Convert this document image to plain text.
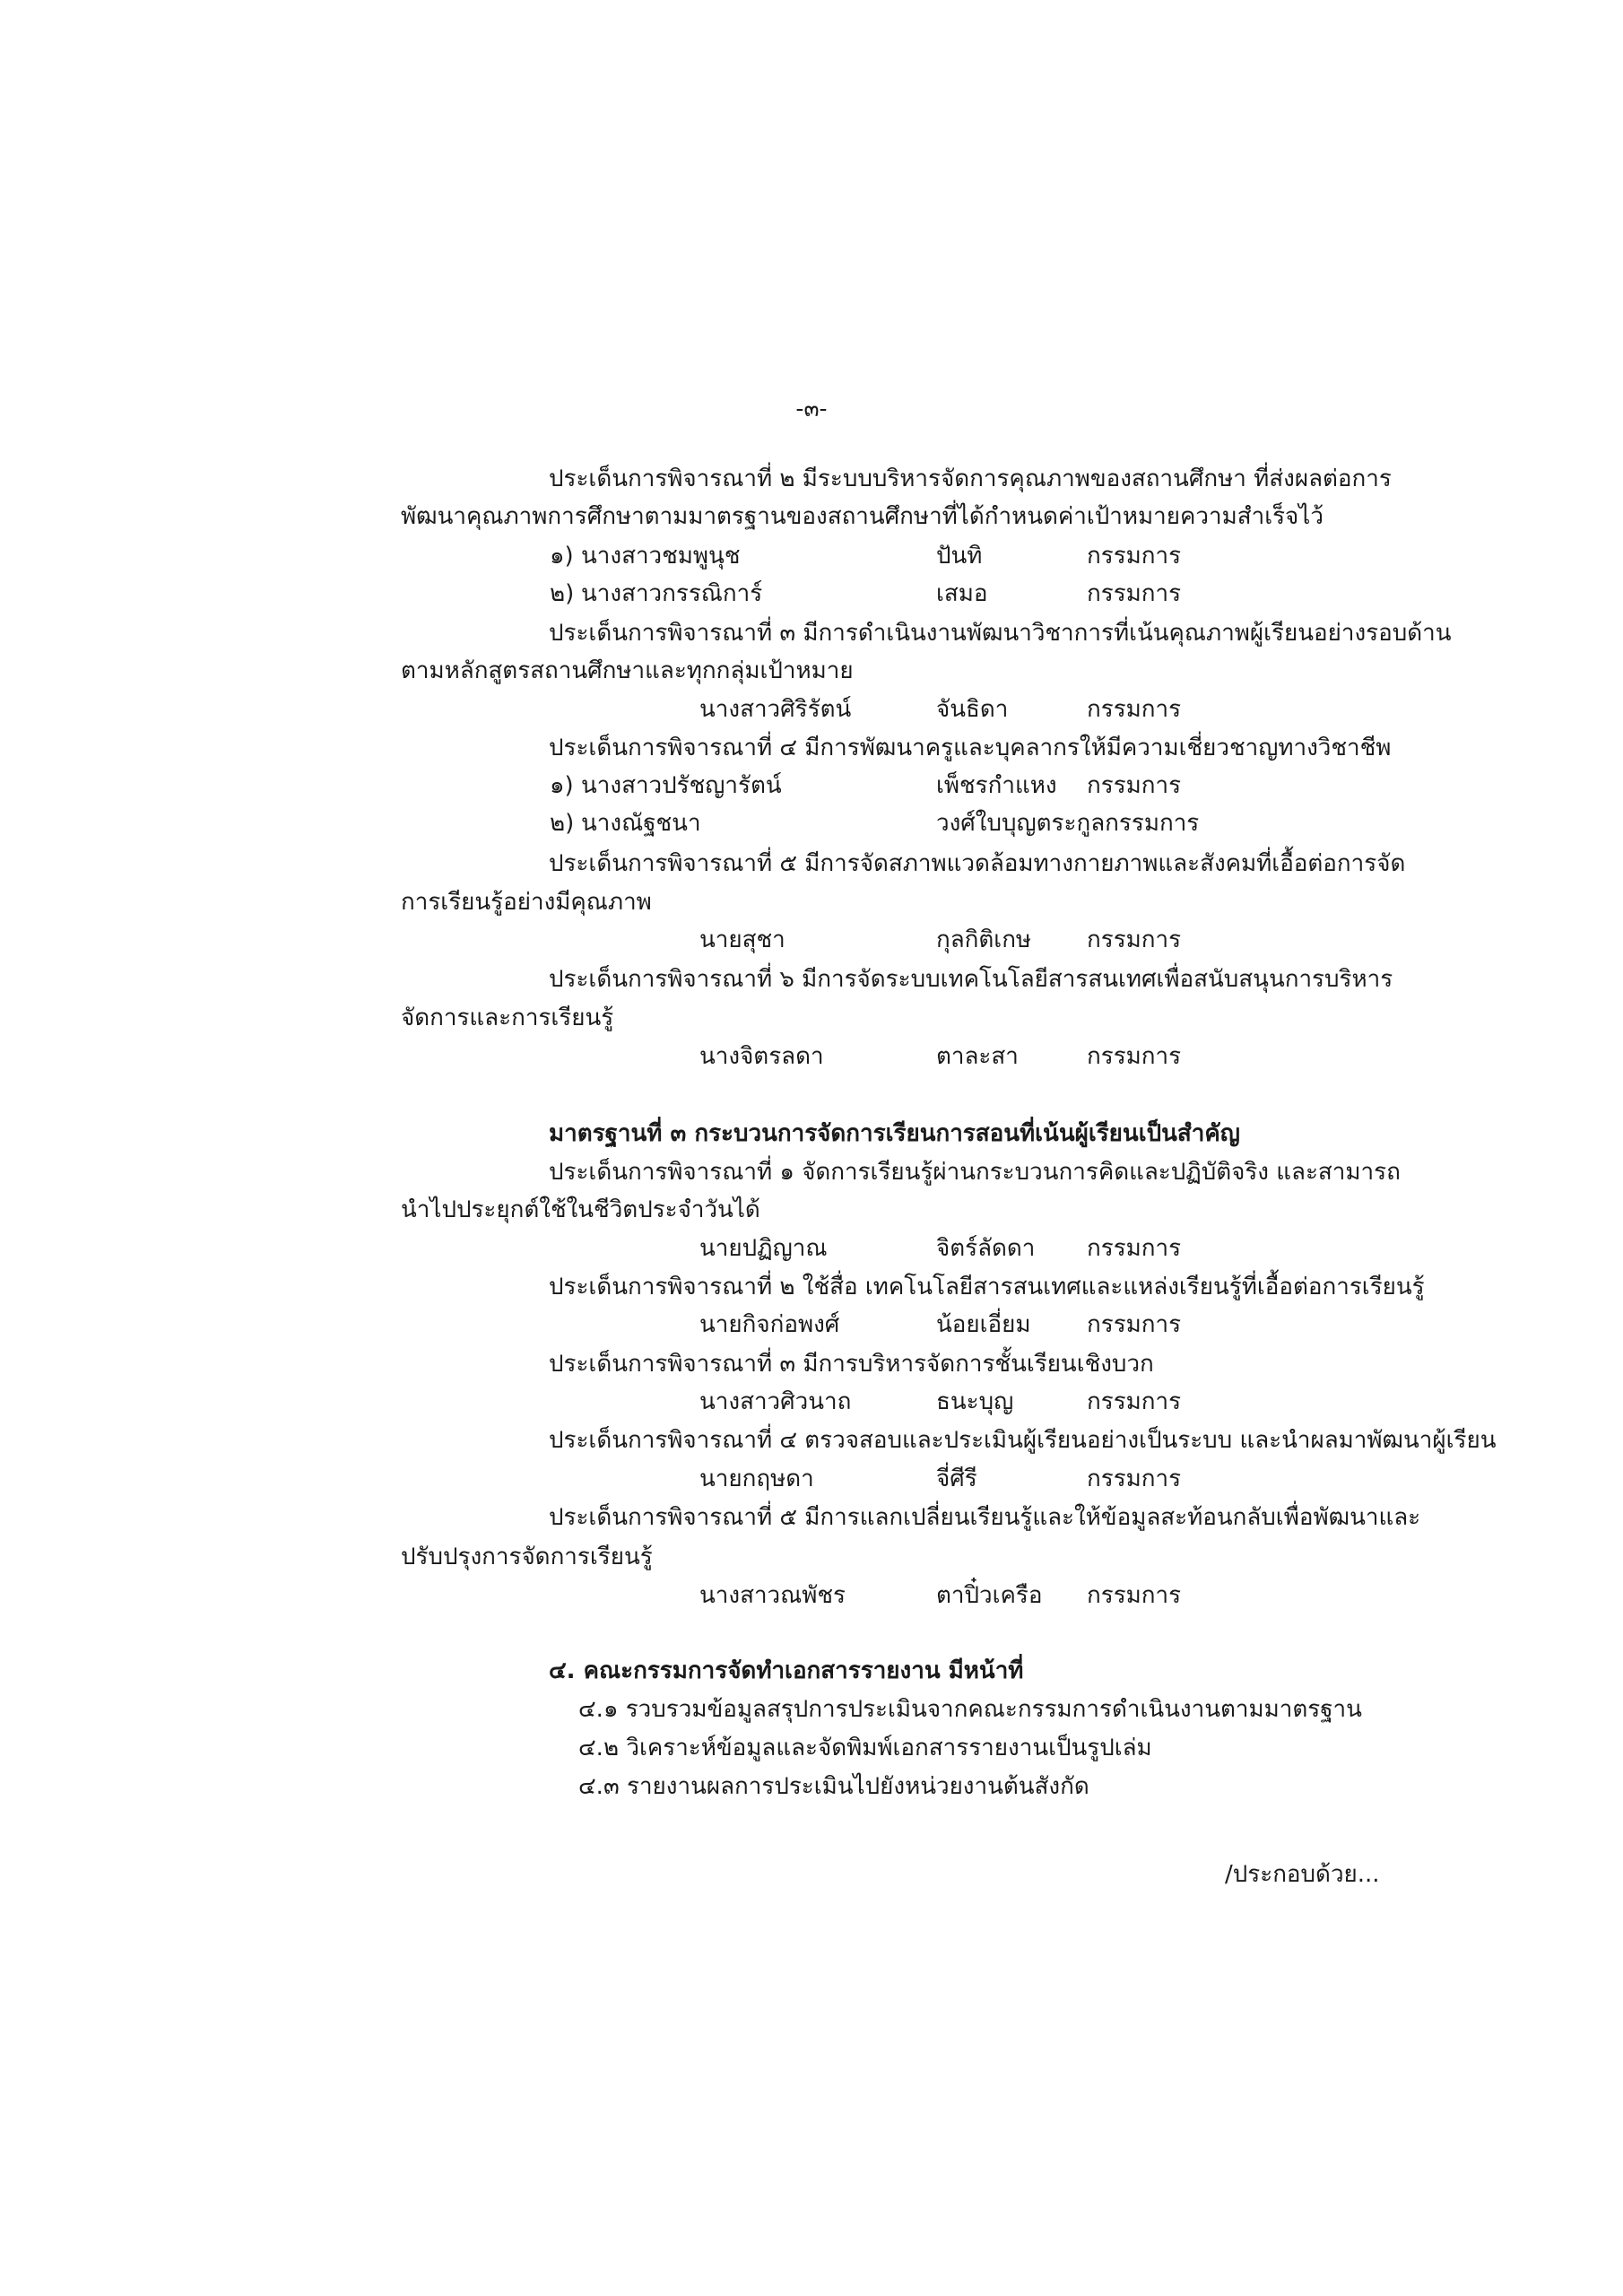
-๓-
ประเด็นการพิจารณาที่ ๒ มีระบบบริหารจัดการคุณภาพของสถานศึกษา ที่ส่งผลต่อการ
พัฒนาคุณภาพการศึกษาตามมาตรฐานของสถานศึกษาที่ได้กำหนดค่าเป้าหมายความสำเร็จไว้
๑) นางสาวชมพูนุช	ปันทิ	กรรมการ
๒) นางสาวกรรณิการ์	เสมอ	กรรมการ
ประเด็นการพิจารณาที่ ๓ มีการดำเนินงานพัฒนาวิชาการที่เน้นคุณภาพผู้เรียนอย่างรอบด้าน
ตามหลักสูตรสถานศึกษาและทุกกลุ่มเป้าหมาย
นางสาวศิริรัตน์	จันธิดา	กรรมการ
ประเด็นการพิจารณาที่ ๔ มีการพัฒนาครูและบุคลากรให้มีความเชี่ยวชาญทางวิชาชีพ
๑) นางสาวปรัชญารัตน์	เพ็ชรกำแหง กรรมการ
๒) นางณัฐชนา	วงศ์ใบบุญตระกูลกรรมการ
ประเด็นการพิจารณาที่ ๕ มีการจัดสภาพแวดล้อมทางกายภาพและสังคมที่เอื้อต่อการจัด
การเรียนรู้อย่างมีคุณภาพ
นายสุชา	กุลกิติเกษ กรรมการ
ประเด็นการพิจารณาที่ ๖ มีการจัดระบบเทคโนโลยีสารสนเทศเพื่อสนับสนุนการบริหาร
จัดการและการเรียนรู้
นางจิตรลดา	ตาละสา	กรรมการ
มาตรฐานที่ ๓ กระบวนการจัดการเรียนการสอนที่เน้นผู้เรียนเป็นสำคัญ
ประเด็นการพิจารณาที่ ๑ จัดการเรียนรู้ผ่านกระบวนการคิดและปฏิบัติจริง และสามารถ
นำไปประยุกต์ใช้ในชีวิตประจำวันได้
นายปฏิญาณ	จิตร์ลัดดา กรรมการ
ประเด็นการพิจารณาที่ ๒ ใช้สื่อ เทคโนโลยีสารสนเทศและแหล่งเรียนรู้ที่เอื้อต่อการเรียนรู้
นายกิจก่อพงศ์	น้อยเอี่ยม กรรมการ
ประเด็นการพิจารณาที่ ๓ มีการบริหารจัดการชั้นเรียนเชิงบวก
นางสาวศิวนาถ	ธนะบุญ	กรรมการ
ประเด็นการพิจารณาที่ ๔ ตรวจสอบและประเมินผู้เรียนอย่างเป็นระบบ และนำผลมาพัฒนาผู้เรียน
นายกฤษดา	จี่ศีรี	กรรมการ
ประเด็นการพิจารณาที่ ๕ มีการแลกเปลี่ยนเรียนรู้และให้ข้อมูลสะท้อนกลับเพื่อพัฒนาและ
ปรับปรุงการจัดการเรียนรู้
นางสาวณพัชร	ตาปิ๋วเครือ กรรมการ
๔. คณะกรรมการจัดทำเอกสารรายงาน มีหน้าที่
๔.๑ รวบรวมข้อมูลสรุปการประเมินจากคณะกรรมการดำเนินงานตามมาตรฐาน
๔.๒ วิเคราะห์ข้อมูลและจัดพิมพ์เอกสารรายงานเป็นรูปเล่ม
๔.๓ รายงานผลการประเมินไปยังหน่วยงานต้นสังกัด
/ประกอบด้วย...
